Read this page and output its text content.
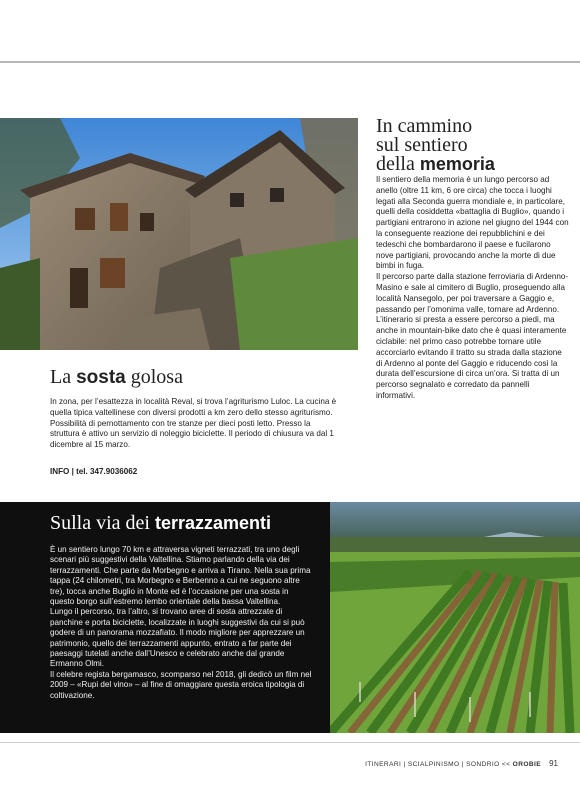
In cammino
sul sentiero
della memoria
Il sentiero della memoria è un lungo percorso ad anello (oltre 11 km, 6 ore circa) che tocca i luoghi legati alla Seconda guerra mondiale e, in particolare, quelli della cosiddetta «battaglia di Buglio», quando i partigiani entrarono in azione nel giugno del 1944 con la conseguente reazione dei repubblichini e dei tedeschi che bombardarono il paese e fucilarono nove partigiani, provocando anche la morte di due bimbi in fuga.
Il percorso parte dalla stazione ferroviaria di Ardenno-Masino e sale al cimitero di Buglio, proseguendo alla località Nansegolo, per poi traversare a Gaggio e, passando per l’omonima valle, tornare ad Ardenno. L’itinerario si presta a essere percorso a piedi, ma anche in mountain-bike dato che è quasi interamente ciclabile: nel primo caso potrebbe tornare utile accorciarlo evitando il tratto su strada dalla stazione di Ardenno al ponte del Gaggio e riducendo così la durata dell’escursione di circa un’ora. Si tratta di un percorso segnalato e corredato da pannelli informativi.
La sosta golosa

In zona, per l’esattezza in località Reval, si trova l’agriturismo Luloc. La cucina è quella tipica valtellinese con diversi prodotti a km zero dello stesso agriturismo. Possibilità di pernottamento con tre stanze per dieci posti letto. Presso la struttura è attivo un servizio di noleggio biciclette. Il periodo di chiusura va dal 1 dicembre al 15 marzo.

INFO | tel. 347.9036062
Sulla via dei terrazzamenti
È un sentiero lungo 70 km e attraversa vigneti terrazzati, tra uno degli scenari più suggestivi della Valtellina. Stiamo parlando della via dei terrazzamenti. Che parte da Morbegno e arriva a Tirano. Nella sua prima tappa (24 chilometri, tra Morbegno e Berbenno a cui ne seguono altre tre), tocca anche Buglio in Monte ed è l’occasione per una sosta in questo borgo sull’estremo lembo orientale della bassa Valtellina.
Lungo il percorso, tra l’altro, si trovano aree di sosta attrezzate di panchine e porta biciclette, localizzate in luoghi suggestivi da cui si può godere di un panorama mozzafiato. Il modo migliore per apprezzare un patrimonio, quello dei terrazzamenti appunto, entrato a far parte dei paesaggi tutelati anche dall’Unesco e celebrato anche dal grande Ermanno Olmi.
Il celebre regista bergamasco, scomparso nel 2018, gli dedicò un film nel 2009 – «Rupi del vino» – al fine di omaggiare questa eroica tipologia di coltivazione.
ITINERARI | SCIALPINISMO | SONDRIO << OROBIE 91
